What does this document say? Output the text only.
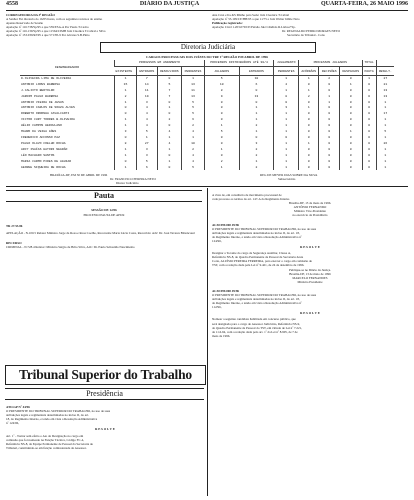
4558	DIÁRIO DA JUSTIÇA	QUARTA-FEIRA, 26 MAIO 1996
CORREGEDORIA DA 3ª REGIÃO
A Senhor Fui diretoria do 16/05 horas, com os seguintes recursos do ensino
Apenas Reservado de Sessão
Apelação nº 116.738/Sp/95 a que 559/ESA-A Por Paulo T.Cadco
Apelação nº 116.139/Sp/95 a que 11564/CIMB Juiz Cleonice T.Cabral e Silva
Apelação nº 153.039/RJ/95 a que 571/85-9 Por Alvares S.B.Pinto
Ana Cruz e Ita-KS Minho para Sede: Juiz Cleonice T.Cabral
Apelação nº 53.109/CE/HB/95 a que 11/75 e Juiz Walter Júbile Neto
Publicação registrado:
Apelação Cível 1.203.070/CE/Paixão Juiz Cândido R.Lisboa+Sp.
Dr. REGINALDO PEDRO MORAES NETO
Secretário do Tribunal - Cons
Diretoria Judiciária
CARGOS PROCESSUAIS DOS JUÍZES DO TRF 1ª REGIÃO EM ABRIL DE 1996
DESEMBARGADOR	PROCESSOS EM ANDAMENTO				PROCESSOS DISTRIBUÍDOS ATÉ 30/4		JULGAMENTO	PROCESSOS JULGADOS			TOTAL	
	EXISTENTE	ENTRADOS	RESOLVIDOS	PENDENTES	JULGADOS	ENTRADOS	PENDENTES	ACÓRDÃOS	DECISÕES	DESPACHOS	PAUTA	RESULT.
D.OLIVEIRA LIMA DE OLIVEIRA	1	7	0	1	5	10	1	1	2	0	1	27
ANTONIO LOPES BARBOSA	15	14	5	13	10	6	4	0	0	1	0	21
J.CALIXTO BERTOLDO	1	11	7	11	8	0	1	1	0	0	0	13
JARDIM PAULO BARBOSA	2	19	7	13	9	13	8	2	1	0	0	13
ANTONIO VIEIRA DE JESUS	1	3	0	5	0	0	0	0	1	0	0	1
ANTONIO CARLOS DE SOUZA ALVES	0	4	1	5	0	1	3	1	0	0	0	1
ROBERTO ORDONHA CAVALCANTI	0	4	0	5	0	1	1	0	0	0	0	17
VICTOR CURY TORRES B.OLIVEIRA	1	4	2	6	0	1	1	0	0	0	0	1
HÉLIO CAMPOS HERCULANO	1	4	0	2	1	2	1	0	0	0	0	1
MAURO DA VEIGA GÓES	3	5	4	4	5	1	1	0	0	1	0	5
FREDERICO AFFONSO PAZ	0	1	1	1	0	0	0	0	0	0	0	1
PAULO OLAVO COELHO ROCHA	8	27	4	10	0	3	1	1	0	0	0	26
ARCY ISAÍAS HATORI NEGRÃO	1	3	1	2	1	2	1	0	0	0	0	1
LÉO MACHADO SANTOS	1	3	0	4	0	2	1	0	0	0	0	1
MARIA CARMO PIRES DE AGUIAR	0	5	1	4	2	1	1	0	0	0	0	1
GEORGE SIQUEIRA DE ROCHA	1	6	0	5	1	2	1	0	0	0	0	1
BRASÍLIA-DF, EM 30 DE ABRIL DE 1996
Dr. FRANCISCO PEREIRA NETO
Diretor Judiciário
REG DE MEYER DIAS SOBRE DA SILVA
Subsecretário
Pauta
SESSÃO DE 12/06
PROCESSO PAUTA DE APUR
TR 27.53.86
APELAÇÃO - N.100.5 Relator Ministro Jorge da Rosa e Rosa Coelho, Recorrente Maria Lúcia Costa, Recorrido: Adv: Dr. José Tavares Bittencourt
RECURSO
CRIMINAL - N.728.4 Relator: Ministro Sérgio de Brito Silva, Adv: Dr. Paulo Sebastião Nascimento
A vista de, em constância de movimento processual de
cada processo os termos do art. 147-A do Regimento Interno
Brasília-DF, 13 de maio de 1996.
ANTÔNIO FERNANDO
Ministro Vice-Presidente
no exercício da Presidência
AI-50.999.000 49/96
O PRESIDENTE DO TRIBUNAL SUPERIOR DO TRABALHO, no uso de suas
atribuições legais e regimentais determinadas no inciso II, do art. 18,
do Regimento Interno, e tendo em vista a Resolução Administrativa nº
124/96,
R E S O L V E
Designar a Tocante do cargo de Segurança Auxiliar, Classe A,
Referência NS-8, do Quadro Permanente de Pessoal da Secretaria deste
Corte, ALUÍSIO PEREIRA FERREIRA, para exercer o cargo em comissão do
TST, com a redação dada pela Lei nº 9.421, de 24 de dezembro de 1996.
Publique-se no Diário da Justiça.
Brasília-DF, 13 de maio de 1996
MARCELO FERNANDES
Ministro Presidente
AI-50.999.000 49/96
O PRESIDENTE DO TRIBUNAL SUPERIOR DO TRABALHO, no uso de suas
atribuições legais e regimentais determinadas no inciso II, do art. 18,
do Regimento Interno, e tendo em vista a Resolução Administrativa nº
112/96,
R E S O L V E
Nomear a seguinte candidata habilitada em concurso público, que
será designada para o cargo de Assessor Judiciário, Referência NS-9,
do Quadro Permanente de Pessoal do TST, em virtude de Lei nº 7.221,
de 11.6.94, com a redação dada pelo art. 1º da Lei nº 8.905, de 7 de
maio de 1996.
Tribunal Superior do Trabalho
Presidência
ATO.GP Nº 44/96
O PRESIDENTE DO TRIBUNAL SUPERIOR DO TRABALHO, no uso de suas
atribuições legais e regimentais determinadas no inciso II, do art.
18, do Regimento Interno, e tendo em vista a Resolução Administrativa
nº 124/96,
R E S O L V E
Art. 1º - Tornar sem efeito o Ato de Designação no cargo em
comissão que foi nomeado na Função Técnica, Código FC-4,
Referência NS-8, da Equipe Permanente de Pessoal da Secretaria do
Tribunal, constituindo-se em função comissionada de Assessor.
